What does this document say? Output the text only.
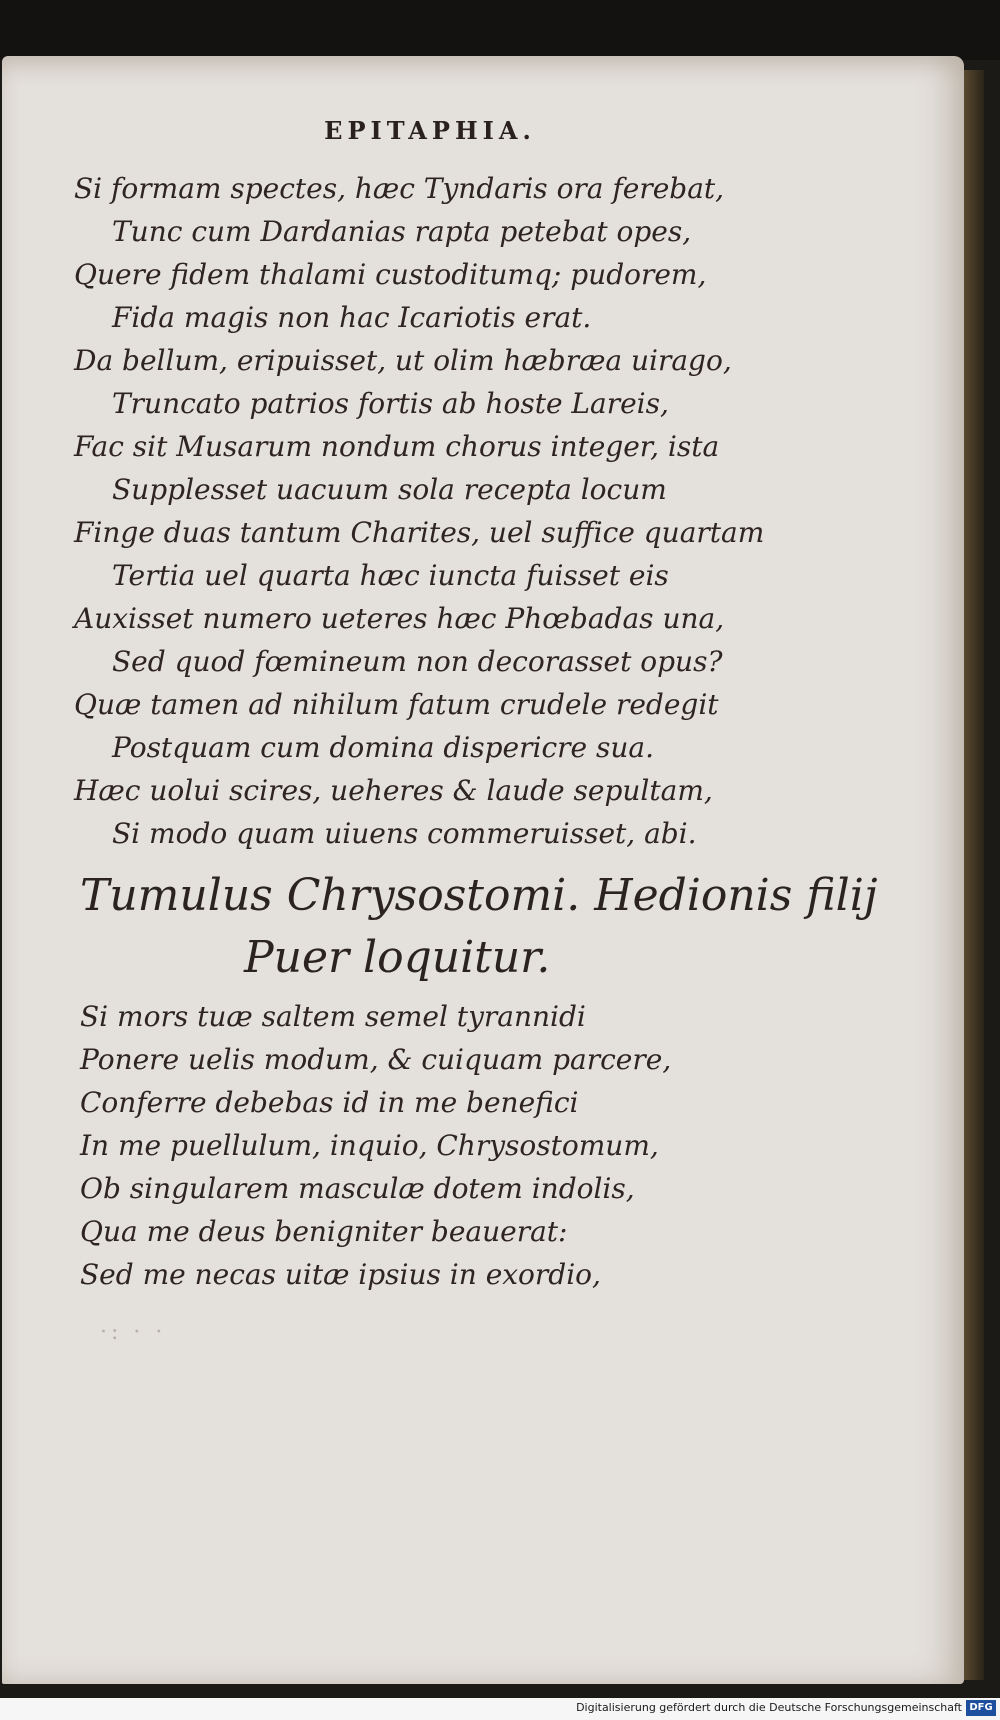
EPITAPHIA.
Si formam spectes, hæc Tyndaris ora ferebat,
Tunc cum Dardanias rapta petebat opes,
Quere fidem thalami custoditumq; pudorem,
Fida magis non hac Icariotis erat.
Da bellum, eripuisset, ut olim hæbræa uirago,
Truncato patrios fortis ab hoste Lareis,
Fac sit Musarum nondum chorus integer, ista
Supplesset uacuum sola recepta locum
Finge duas tantum Charites, uel suffice quartam
Tertia uel quarta hæc iuncta fuisset eis
Auxisset numero ueteres hæc Phœbadas una,
Sed quod fœmineum non decorasset opus?
Quæ tamen ad nihilum fatum crudele redegit
Postquam cum domina dispericre sua.
Hæc uolui scires, ueheres & laude sepultam,
Si modo quam uiuens commeruisset, abi.
Tumulus Chrysostomi. Hedionis filij
Puer loquitur.
Si mors tuæ saltem semel tyrannidi
Ponere uelis modum, & cuiquam parcere,
Conferre debebas id in me benefici
In me puellulum, inquio, Chrysostomum,
Ob singularem masculæ dotem indolis,
Qua me deus benigniter beauerat:
Sed me necas uitæ ipsius in exordio,
·: · ·
Digitalisierung gefördert durch die Deutsche Forschungsgemeinschaft DFG
